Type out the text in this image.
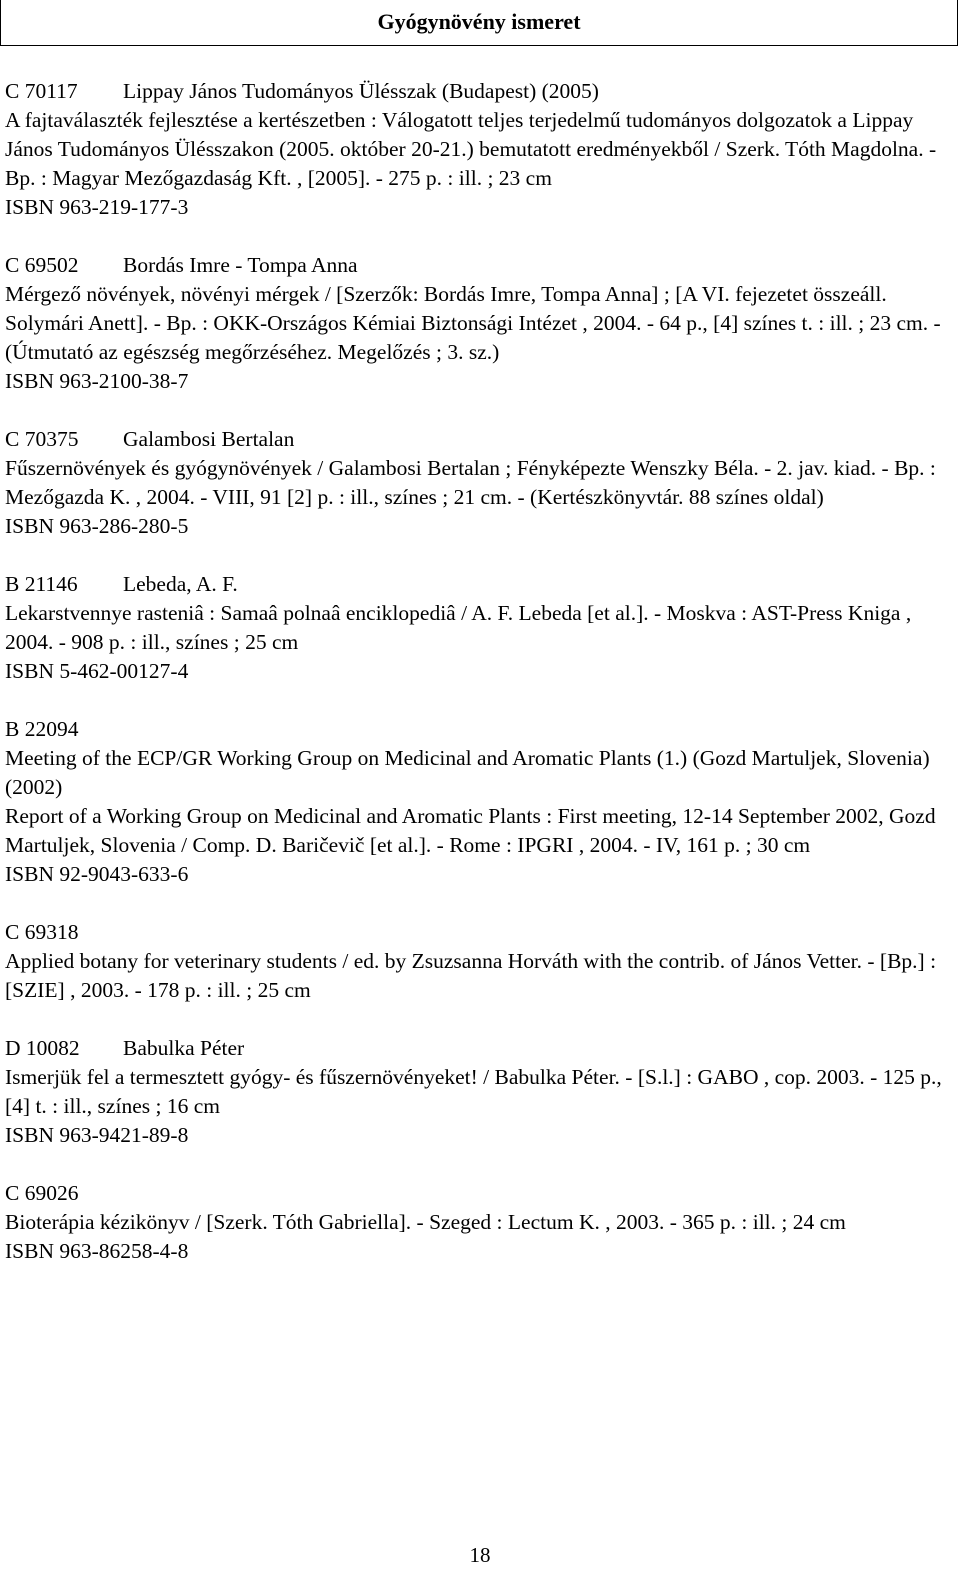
Gyógynövény ismeret
C 70117 Lippay János Tudományos Ülésszak (Budapest) (2005)
A fajtaválaszték fejlesztése a kertészetben : Válogatott teljes terjedelmű tudományos dolgozatok a Lippay János Tudományos Ülésszakon (2005. október 20-21.) bemutatott eredményekből / Szerk. Tóth Magdolna. - Bp. : Magyar Mezőgazdaság Kft. , [2005]. - 275 p. : ill. ; 23 cm
ISBN 963-219-177-3
C 69502 Bordás Imre - Tompa Anna
Mérgező növények, növényi mérgek / [Szerzők: Bordás Imre, Tompa Anna] ; [A VI. fejezetet összeáll. Solymári Anett]. - Bp. : OKK-Országos Kémiai Biztonsági Intézet , 2004. - 64 p., [4] színes t. : ill. ; 23 cm. - (Útmutató az egészség megőrzéséhez. Megelőzés ; 3. sz.)
ISBN 963-2100-38-7
C 70375 Galambosi Bertalan
Fűszernövények és gyógynövények / Galambosi Bertalan ; Fényképezte Wenszky Béla. - 2. jav. kiad. - Bp. : Mezőgazda K. , 2004. - VIII, 91 [2] p. : ill., színes ; 21 cm. - (Kertészkönyvtár. 88 színes oldal)
ISBN 963-286-280-5
B 21146 Lebeda, A. F.
Lekarstvennye rasteniâ : Samaâ polnaâ enciklopediâ / A. F. Lebeda [et al.]. - Moskva : AST-Press Kniga , 2004. - 908 p. : ill., színes ; 25 cm
ISBN 5-462-00127-4
B 22094
Meeting of the ECP/GR Working Group on Medicinal and Aromatic Plants (1.) (Gozd Martuljek, Slovenia) (2002)
Report of a Working Group on Medicinal and Aromatic Plants : First meeting, 12-14 September 2002, Gozd Martuljek, Slovenia / Comp. D. Baričevič [et al.]. - Rome : IPGRI , 2004. - IV, 161 p. ; 30 cm
ISBN 92-9043-633-6
C 69318
Applied botany for veterinary students / ed. by Zsuzsanna Horváth with the contrib. of János Vetter. - [Bp.] : [SZIE] , 2003. - 178 p. : ill. ; 25 cm
D 10082 Babulka Péter
Ismerjük fel a termesztett gyógy- és fűszernövényeket! / Babulka Péter. - [S.l.] : GABO , cop. 2003. - 125 p., [4] t. : ill., színes ; 16 cm
ISBN 963-9421-89-8
C 69026
Bioterápia kézikönyv / [Szerk. Tóth Gabriella]. - Szeged : Lectum K. , 2003. - 365 p. : ill. ; 24 cm
ISBN 963-86258-4-8
18
